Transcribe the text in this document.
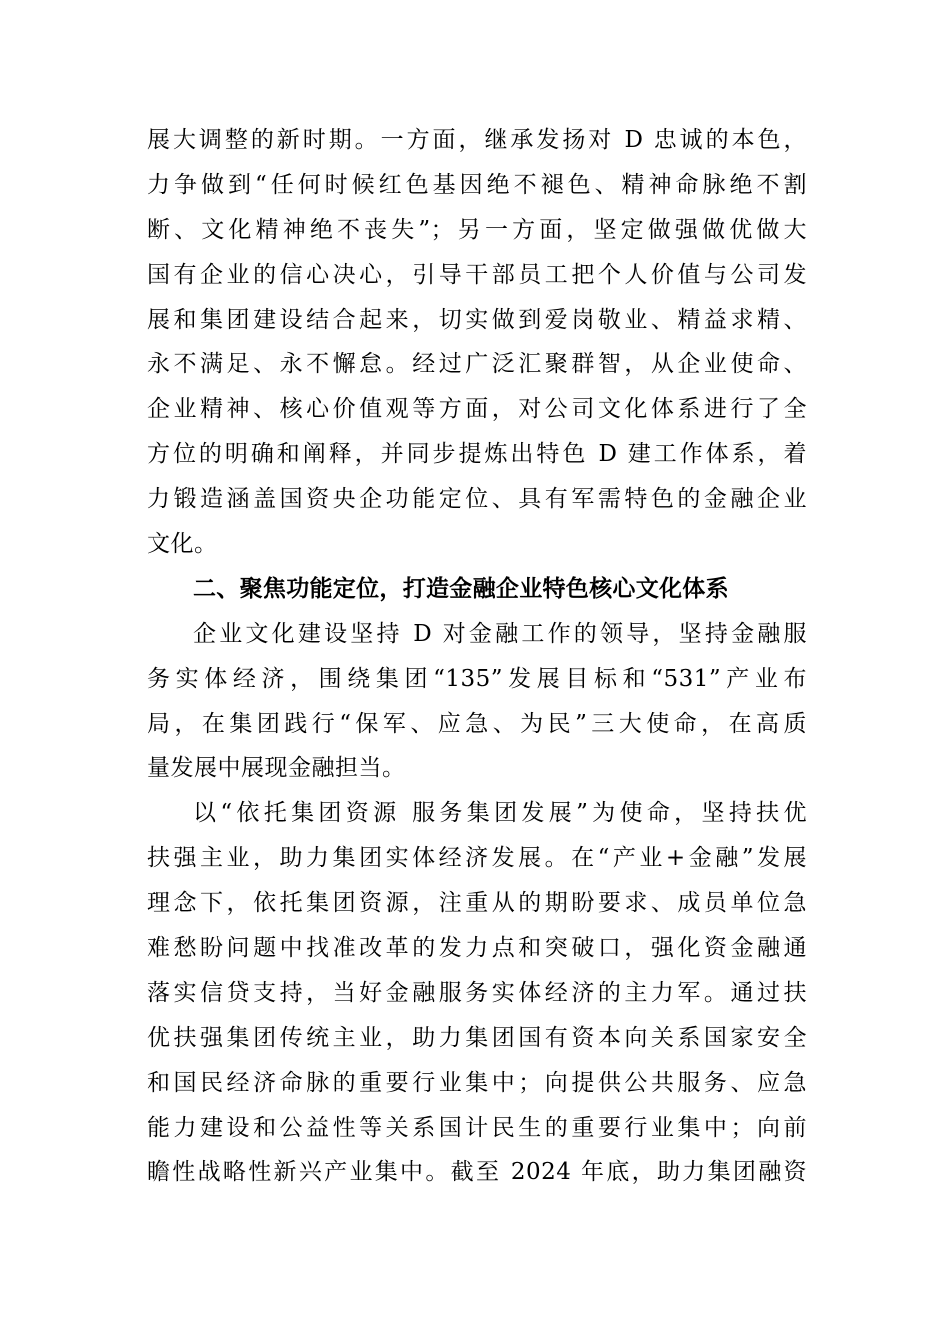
展大调整的新时期。一方面，继承发扬对 D 忠诚的本色，
力争做到“任何时候红色基因绝不褪色、精神命脉绝不割
断、文化精神绝不丧失”；另一方面，坚定做强做优做大
国有企业的信心决心，引导干部员工把个人价值与公司发
展和集团建设结合起来，切实做到爱岗敬业、精益求精、
永不满足、永不懈怠。经过广泛汇聚群智，从企业使命、
企业精神、核心价值观等方面，对公司文化体系进行了全
方位的明确和阐释，并同步提炼出特色 D 建工作体系，着
力锻造涵盖国资央企功能定位、具有军需特色的金融企业
文化。
二、聚焦功能定位，打造金融企业特色核心文化体系
企业文化建设坚持 D 对金融工作的领导，坚持金融服
务实体经济，围绕集团“135”发展目标和“531”产业布
局，在集团践行“保军、应急、为民”三大使命，在高质
量发展中展现金融担当。
以“依托集团资源 服务集团发展”为使命，坚持扶优
扶强主业，助力集团实体经济发展。在“产业+金融”发展
理念下，依托集团资源，注重从的期盼要求、成员单位急
难愁盼问题中找准改革的发力点和突破口，强化资金融通
落实信贷支持，当好金融服务实体经济的主力军。通过扶
优扶强集团传统主业，助力集团国有资本向关系国家安全
和国民经济命脉的重要行业集中；向提供公共服务、应急
能力建设和公益性等关系国计民生的重要行业集中；向前
瞻性战略性新兴产业集中。截至 2024 年底，助力集团融资
